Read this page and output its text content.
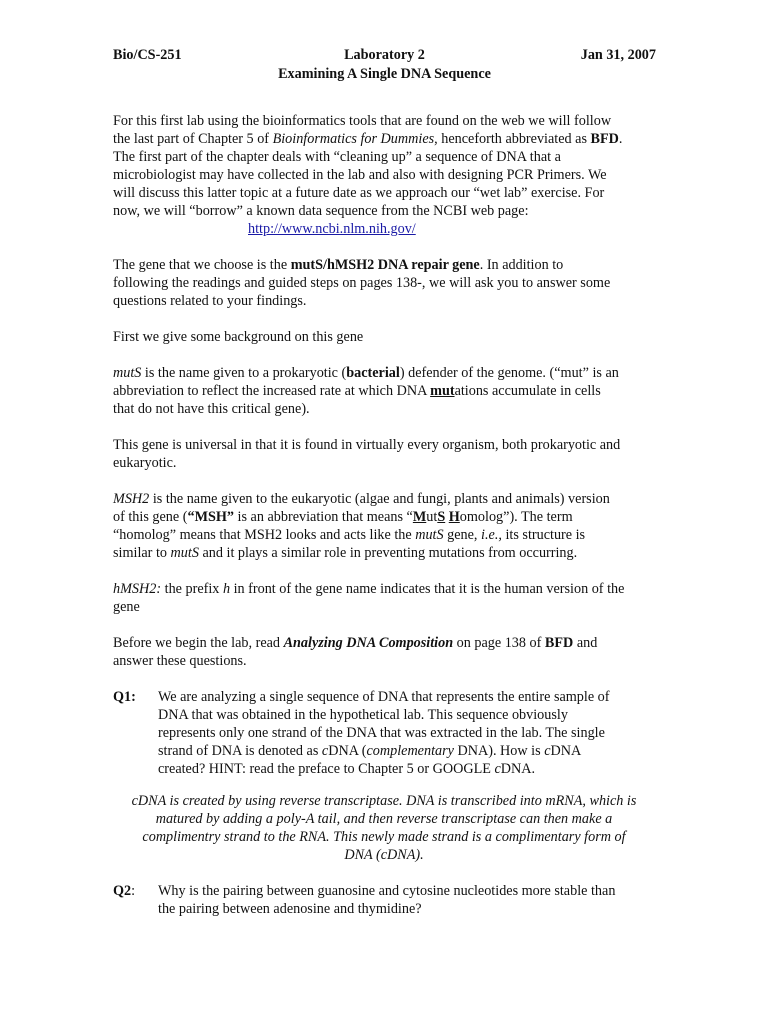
Bio/CS-251	Laboratory 2	Jan 31, 2007
Examining A Single DNA Sequence
For this first lab using the bioinformatics tools that are found on the web we will follow
the last part of Chapter 5 of Bioinformatics for Dummies, henceforth abbreviated as BFD.
The first part of the chapter deals with “cleaning up” a sequence of DNA that a
microbiologist may have collected in the lab and also with designing PCR Primers. We
will discuss this latter topic at a future date as we approach our “wet lab” exercise. For
now, we will “borrow” a known data sequence from the NCBI web page:
http://www.ncbi.nlm.nih.gov/
The gene that we choose is the mutS/hMSH2 DNA repair gene. In addition to
following the readings and guided steps on pages 138-, we will ask you to answer some
questions related to your findings.
First we give some background on this gene
mutS is the name given to a prokaryotic (bacterial) defender of the genome. (“mut” is an
abbreviation to reflect the increased rate at which DNA mutations accumulate in cells
that do not have this critical gene).
This gene is universal in that it is found in virtually every organism, both prokaryotic and
eukaryotic.
MSH2 is the name given to the eukaryotic (algae and fungi, plants and animals) version
of this gene (“MSH” is an abbreviation that means “MutS Homolog”). The term
“homolog” means that MSH2 looks and acts like the mutS gene, i.e., its structure is
similar to mutS and it plays a similar role in preventing mutations from occurring.
hMSH2: the prefix h in front of the gene name indicates that it is the human version of the
gene
Before we begin the lab, read Analyzing DNA Composition on page 138 of BFD and
answer these questions.
Q1: We are analyzing a single sequence of DNA that represents the entire sample of
DNA that was obtained in the hypothetical lab. This sequence obviously
represents only one strand of the DNA that was extracted in the lab. The single
strand of DNA is denoted as cDNA (complementary DNA). How is cDNA
created? HINT: read the preface to Chapter 5 or GOOGLE cDNA.
cDNA is created by using reverse transcriptase. DNA is transcribed into mRNA, which is
matured by adding a poly-A tail, and then reverse transcriptase can then make a
complimentry strand to the RNA. This newly made strand is a complimentary form of
DNA (cDNA).
Q2: Why is the pairing between guanosine and cytosine nucleotides more stable than
the pairing between adenosine and thymidine?
